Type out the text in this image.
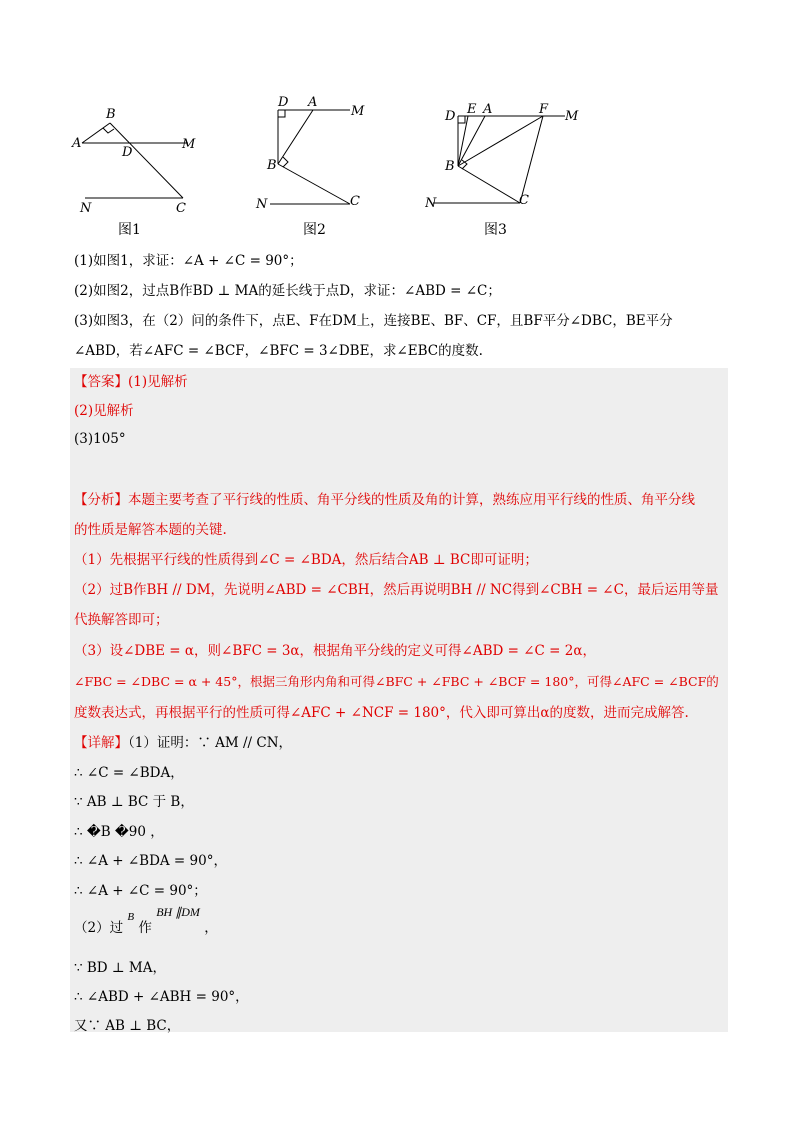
B
A
D
M
N	C
图1
D A
M
B
N	C
图2
D E A	F M
B
N	C
图3
(1)如图1，求证：∠A + ∠C = 90°；
(2)如图2，过点B作BD ⊥ MA的延长线于点D，求证：∠ABD = ∠C；
(3)如图3，在（2）问的条件下，点E、F在DM上，连接BE、BF、CF，且BF平分∠DBC，BE平分
∠ABD，若∠AFC = ∠BCF，∠BFC = 3∠DBE，求∠EBC的度数.
【答案】(1)见解析
(2)见解析
(3)105°
【分析】本题主要考查了平行线的性质、角平分线的性质及角的计算，熟练应用平行线的性质、角平分线
的性质是解答本题的关键.
（1）先根据平行线的性质得到∠C = ∠BDA，然后结合AB ⊥ BC即可证明；
（2）过B作BH // DM，先说明∠ABD = ∠CBH，然后再说明BH // NC得到∠CBH = ∠C，最后运用等量
代换解答即可；
（3）设∠DBE = α，则∠BFC = 3α，根据角平分线的定义可得∠ABD = ∠C = 2α，
∠FBC = ∠DBC = α + 45°，根据三角形内角和可得∠BFC + ∠FBC + ∠BCF = 180°，可得∠AFC = ∠BCF的
度数表达式，再根据平行的性质可得∠AFC + ∠NCF = 180°，代入即可算出α的度数，进而完成解答.
【详解】（1）证明：∵ AM // CN，
∴ ∠C = ∠BDA，
∵ AB ⊥ BC 于 B，
∴ �B �90 ，
∴ ∠A + ∠BDA = 90°，
∴ ∠A + ∠C = 90°；
（2）过 $^B$ 作 BH ∥DM ，
∵ BD ⊥ MA，
∴ ∠ABD + ∠ABH = 90°，
又∵ AB ⊥ BC，
